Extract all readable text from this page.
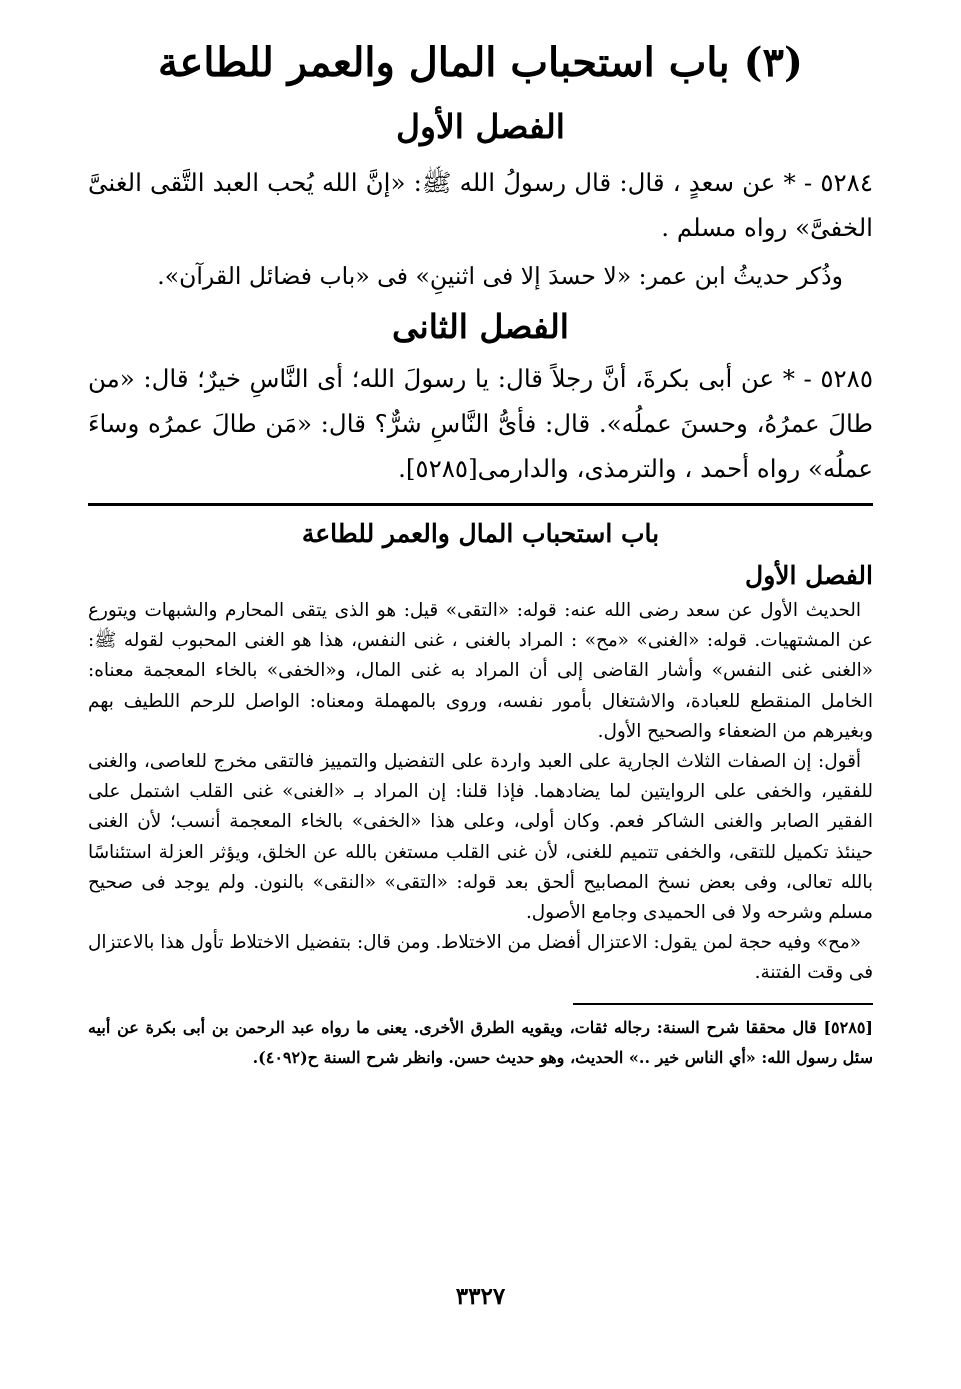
(٣) باب استحباب المال والعمر للطاعة
الفصل الأول

٥٢٨٤ - * عن سعدٍ ، قال: قال رسولُ الله ﷺ: «إنَّ الله يُحب العبد التَّقى الغنىَّ الخفىَّ» رواه مسلم .

وذُكر حديثُ ابن عمر: «لا حسدَ إلا فى اثنينِ» فى «باب فضائل القرآن».

الفصل الثانى

٥٢٨٥ - * عن أبى بكرةَ، أنَّ رجلاً قال: يا رسولَ الله؛ أى النَّاسِ خيرٌ؛ قال: «من طالَ عمرُهُ، وحسنَ عملُه». قال: فأىُّ النَّاسِ شرٌّ؟ قال: «مَن طالَ عمرُه وساءَ عملُه» رواه أحمد ، والترمذى، والدارمى[٥٢٨٥].

باب استحباب المال والعمر للطاعة
الفصل الأول

الحديث الأول عن سعد رضى الله عنه: قوله: «التقى» قيل: هو الذى يتقى المحارم والشبهات ويتورع عن المشتهيات. قوله: «الغنى» «مح» : المراد بالغنى ، غنى النفس، هذا هو الغنى المحبوب لقوله ﷺ: «الغنى غنى النفس» وأشار القاضى إلى أن المراد به غنى المال، و«الخفى» بالخاء المعجمة معناه: الخامل المنقطع للعبادة، والاشتغال بأمور نفسه، وروى بالمهملة ومعناه: الواصل للرحم اللطيف بهم وبغيرهم من الضعفاء والصحيح الأول.

أقول: إن الصفات الثلاث الجارية على العبد واردة على التفضيل والتمييز فالتقى مخرج للعاصى، والغنى للفقير، والخفى على الروايتين لما يضادهما. فإذا قلنا: إن المراد بـ «الغنى» غنى القلب اشتمل على الفقير الصابر والغنى الشاكر فعم. وكان أولى، وعلى هذا «الخفى» بالخاء المعجمة أنسب؛ لأن الغنى حينئذ تكميل للتقى، والخفى تتميم للغنى، لأن غنى القلب مستغن بالله عن الخلق، ويؤثر العزلة استئناسًا بالله تعالى، وفى بعض نسخ المصابيح ألحق بعد قوله: «التقى» «النقى» بالنون. ولم يوجد فى صحيح مسلم وشرحه ولا فى الحميدى وجامع الأصول.

«مح» وفيه حجة لمن يقول: الاعتزال أفضل من الاختلاط. ومن قال: بتفضيل الاختلاط تأول هذا بالاعتزال فى وقت الفتنة.

[٥٢٨٥] قال محققا شرح السنة: رجاله ثقات، ويقويه الطرق الأخرى. يعنى ما رواه عبد الرحمن بن أبى بكرة عن أبيه سئل رسول الله: «أي الناس خير ..» الحديث، وهو حديث حسن. وانظر شرح السنة ح(٤٠٩٢).

٣٣٢٧
